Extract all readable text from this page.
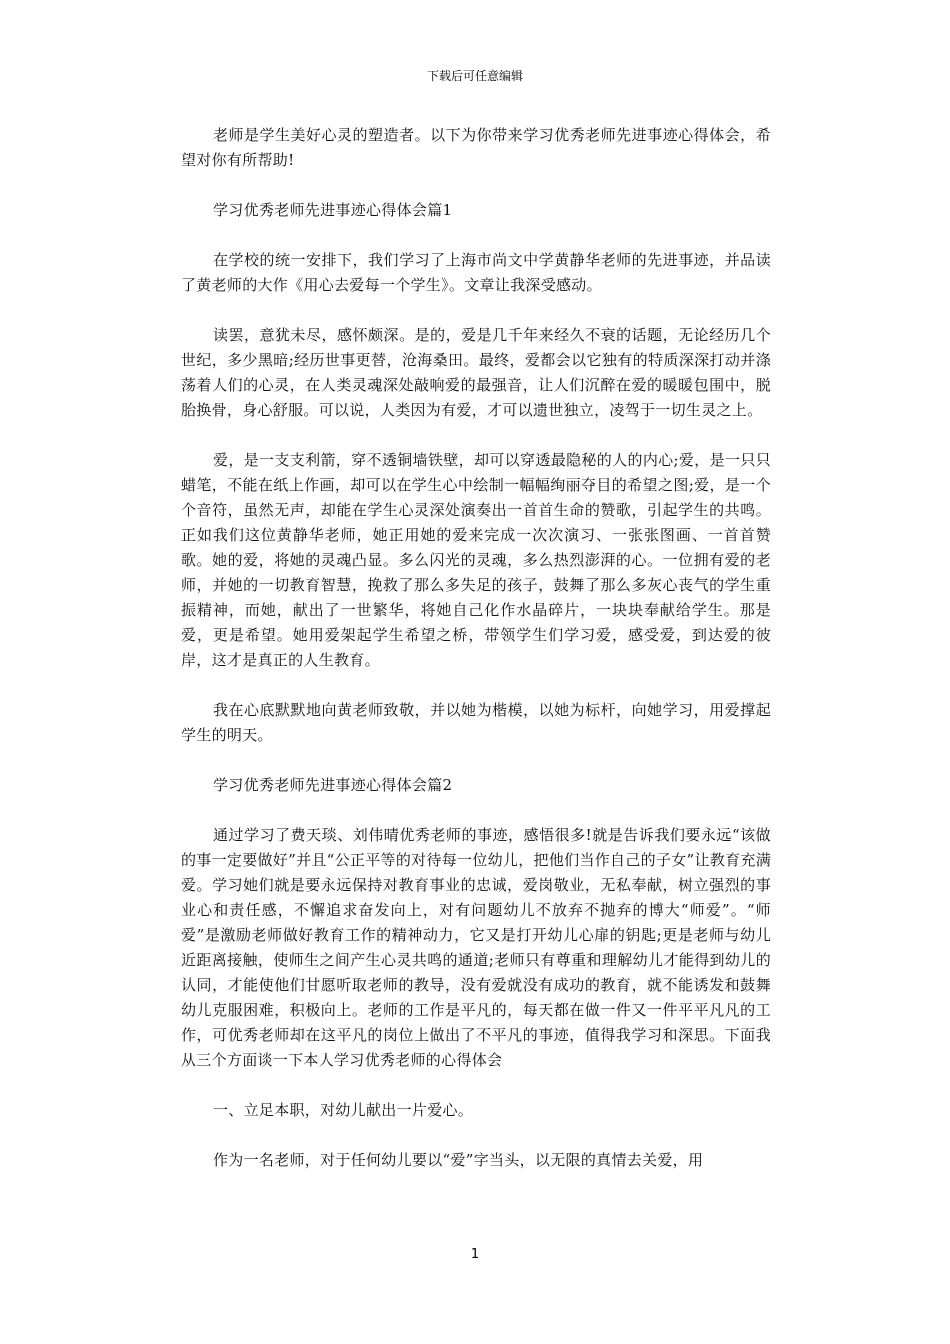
下载后可任意编辑

老师是学生美好心灵的塑造者。以下为你带来学习优秀老师先进事迹心得体会，希望对你有所帮助!

学习优秀老师先进事迹心得体会篇1

在学校的统一安排下，我们学习了上海市尚文中学黄静华老师的先进事迹，并品读了黄老师的大作《用心去爱每一个学生》。文章让我深受感动。

读罢，意犹未尽，感怀颇深。是的，爱是几千年来经久不衰的话题，无论经历几个世纪，多少黑暗;经历世事更替，沧海桑田。最终，爱都会以它独有的特质深深打动并涤荡着人们的心灵，在人类灵魂深处敲响爱的最强音，让人们沉醉在爱的暖暖包围中，脱胎换骨，身心舒服。可以说，人类因为有爱，才可以遗世独立，凌驾于一切生灵之上。

爱，是一支支利箭，穿不透铜墙铁壁，却可以穿透最隐秘的人的内心;爱，是一只只蜡笔，不能在纸上作画，却可以在学生心中绘制一幅幅绚丽夺目的希望之图;爱，是一个个音符，虽然无声，却能在学生心灵深处演奏出一首首生命的赞歌，引起学生的共鸣。正如我们这位黄静华老师，她正用她的爱来完成一次次演习、一张张图画、一首首赞歌。她的爱，将她的灵魂凸显。多么闪光的灵魂，多么热烈澎湃的心。一位拥有爱的老师，并她的一切教育智慧，挽救了那么多失足的孩子，鼓舞了那么多灰心丧气的学生重振精神，而她，献出了一世繁华，将她自己化作水晶碎片，一块块奉献给学生。那是爱，更是希望。她用爱架起学生希望之桥，带领学生们学习爱，感受爱，到达爱的彼岸，这才是真正的人生教育。

我在心底默默地向黄老师致敬，并以她为楷模，以她为标杆，向她学习，用爱撑起学生的明天。

学习优秀老师先进事迹心得体会篇2

通过学习了费天琰、刘伟晴优秀老师的事迹，感悟很多!就是告诉我们要永远“该做的事一定要做好”并且“公正平等的对待每一位幼儿，把他们当作自己的子女”让教育充满爱。学习她们就是要永远保持对教育事业的忠诚，爱岗敬业，无私奉献，树立强烈的事业心和责任感，不懈追求奋发向上，对有问题幼儿不放弃不抛弃的博大“师爱”。“师爱”是激励老师做好教育工作的精神动力，它又是打开幼儿心扉的钥匙;更是老师与幼儿近距离接触，使师生之间产生心灵共鸣的通道;老师只有尊重和理解幼儿才能得到幼儿的认同，才能使他们甘愿听取老师的教导，没有爱就没有成功的教育，就不能诱发和鼓舞幼儿克服困难，积极向上。老师的工作是平凡的，每天都在做一件又一件平平凡凡的工作，可优秀老师却在这平凡的岗位上做出了不平凡的事迹，值得我学习和深思。下面我从三个方面谈一下本人学习优秀老师的心得体会

一、立足本职，对幼儿献出一片爱心。

作为一名老师，对于任何幼儿要以“爱”字当头，以无限的真情去关爱，用

1
